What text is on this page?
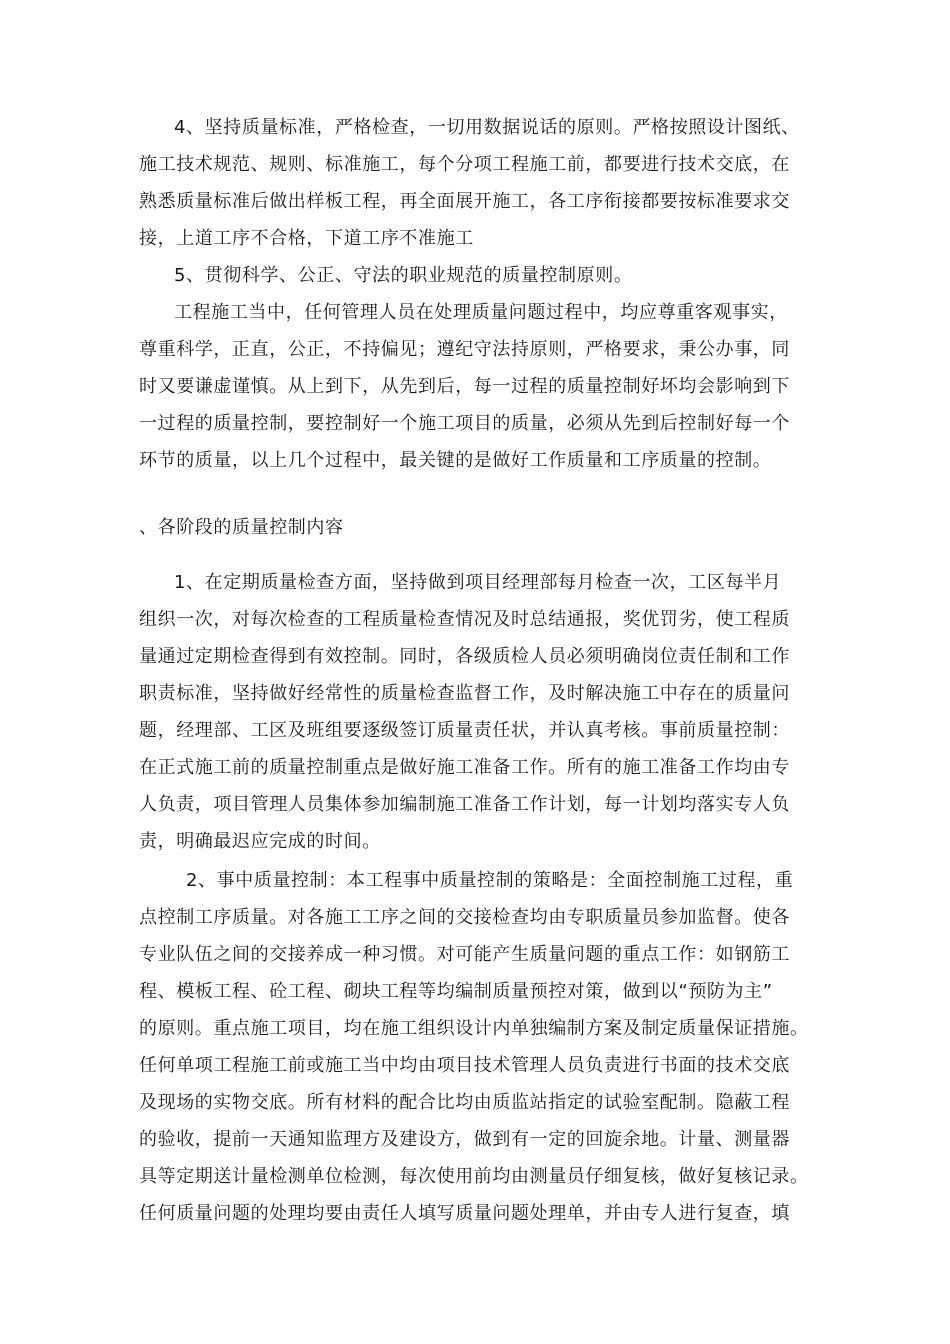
4、坚持质量标准，严格检查，一切用数据说话的原则。严格按照设计图纸、
施工技术规范、规则、标准施工，每个分项工程施工前，都要进行技术交底，在
熟悉质量标准后做出样板工程，再全面展开施工，各工序衔接都要按标准要求交
接，上道工序不合格，下道工序不准施工
5、贯彻科学、公正、守法的职业规范的质量控制原则。
工程施工当中，任何管理人员在处理质量问题过程中，均应尊重客观事实，
尊重科学，正直，公正，不持偏见；遵纪守法持原则，严格要求，秉公办事，同
时又要谦虚谨慎。从上到下，从先到后，每一过程的质量控制好坏均会影响到下
一过程的质量控制，要控制好一个施工项目的质量，必须从先到后控制好每一个
环节的质量，以上几个过程中，最关键的是做好工作质量和工序质量的控制。
、各阶段的质量控制内容
1、在定期质量检查方面，坚持做到项目经理部每月检查一次，工区每半月
组织一次，对每次检查的工程质量检查情况及时总结通报，奖优罚劣，使工程质
量通过定期检查得到有效控制。同时，各级质检人员必须明确岗位责任制和工作
职责标准，坚持做好经常性的质量检查监督工作，及时解决施工中存在的质量问
题，经理部、工区及班组要逐级签订质量责任状，并认真考核。事前质量控制：
在正式施工前的质量控制重点是做好施工准备工作。所有的施工准备工作均由专
人负责，项目管理人员集体参加编制施工准备工作计划，每一计划均落实专人负
责，明确最迟应完成的时间。
2、事中质量控制：本工程事中质量控制的策略是：全面控制施工过程，重
点控制工序质量。对各施工工序之间的交接检查均由专职质量员参加监督。使各
专业队伍之间的交接养成一种习惯。对可能产生质量问题的重点工作：如钢筋工
程、模板工程、砼工程、砌块工程等均编制质量预控对策，做到以“预防为主”
的原则。重点施工项目，均在施工组织设计内单独编制方案及制定质量保证措施。
任何单项工程施工前或施工当中均由项目技术管理人员负责进行书面的技术交底
及现场的实物交底。所有材料的配合比均由质监站指定的试验室配制。隐蔽工程
的验收，提前一天通知监理方及建设方，做到有一定的回旋余地。计量、测量器
具等定期送计量检测单位检测，每次使用前均由测量员仔细复核，做好复核记录。
任何质量问题的处理均要由责任人填写质量问题处理单，并由专人进行复查，填
